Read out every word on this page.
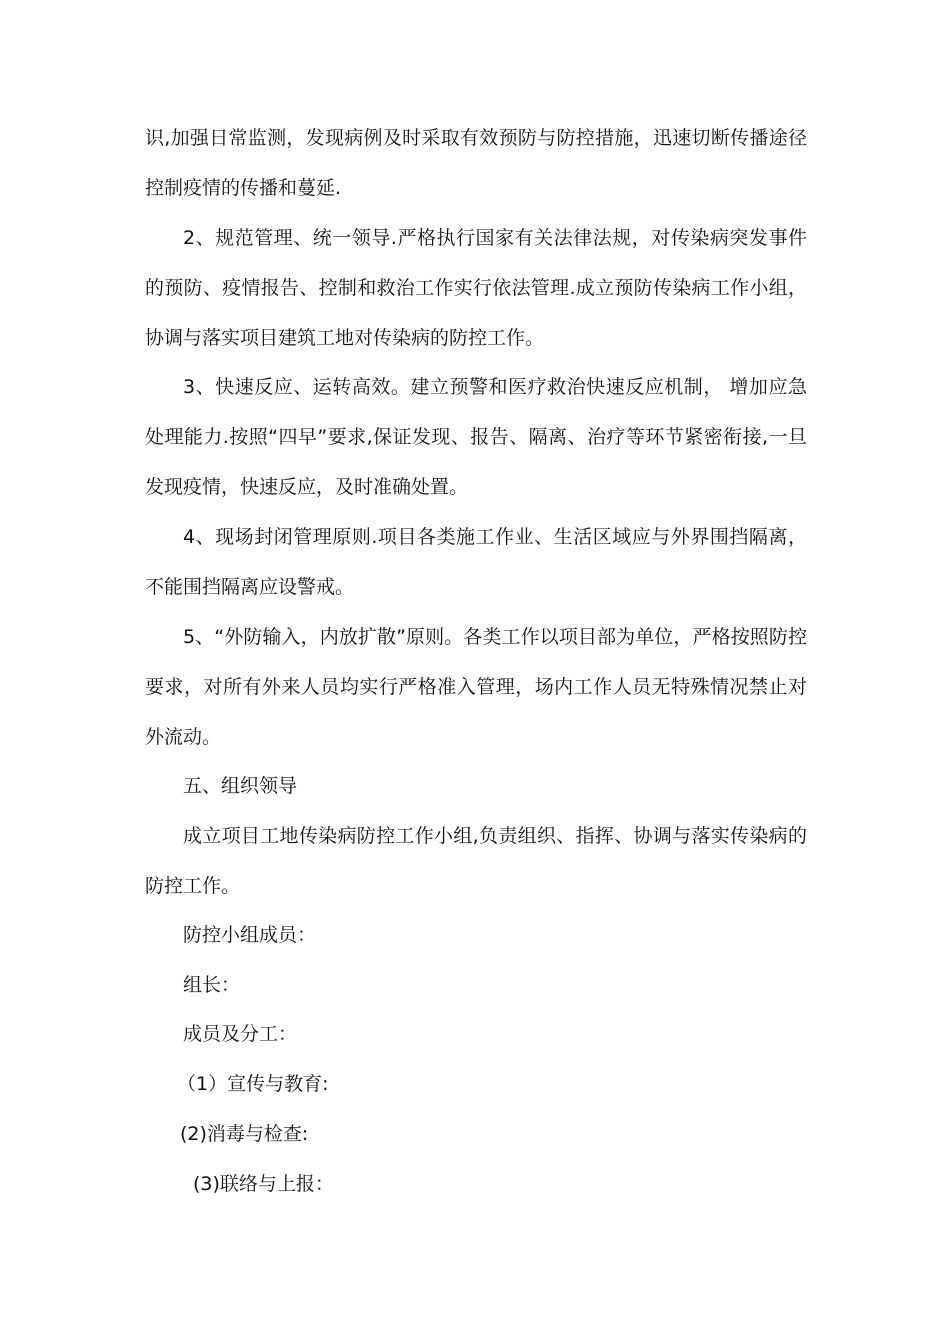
识,加强日常监测，发现病例及时采取有效预防与防控措施，迅速切断传播途径控制疫情的传播和蔓延.

2、规范管理、统一领导.严格执行国家有关法律法规，对传染病突发事件的预防、疫情报告、控制和救治工作实行依法管理.成立预防传染病工作小组，协调与落实项目建筑工地对传染病的防控工作。

3、快速反应、运转高效。建立预警和医疗救治快速反应机制， 增加应急处理能力.按照“四早”要求,保证发现、报告、隔离、治疗等环节紧密衔接,一旦发现疫情，快速反应，及时准确处置。

4、现场封闭管理原则.项目各类施工作业、生活区域应与外界围挡隔离， 不能围挡隔离应设警戒。

5、“外防输入，内放扩散”原则。各类工作以项目部为单位，严格按照防控要求，对所有外来人员均实行严格准入管理，场内工作人员无特殊情况禁止对外流动。

五、组织领导

成立项目工地传染病防控工作小组,负责组织、指挥、协调与落实传染病的防控工作。

防控小组成员：

组长：

成员及分工：

（1）宣传与教育:

(2)消毒与检查:

(3)联络与上报：
